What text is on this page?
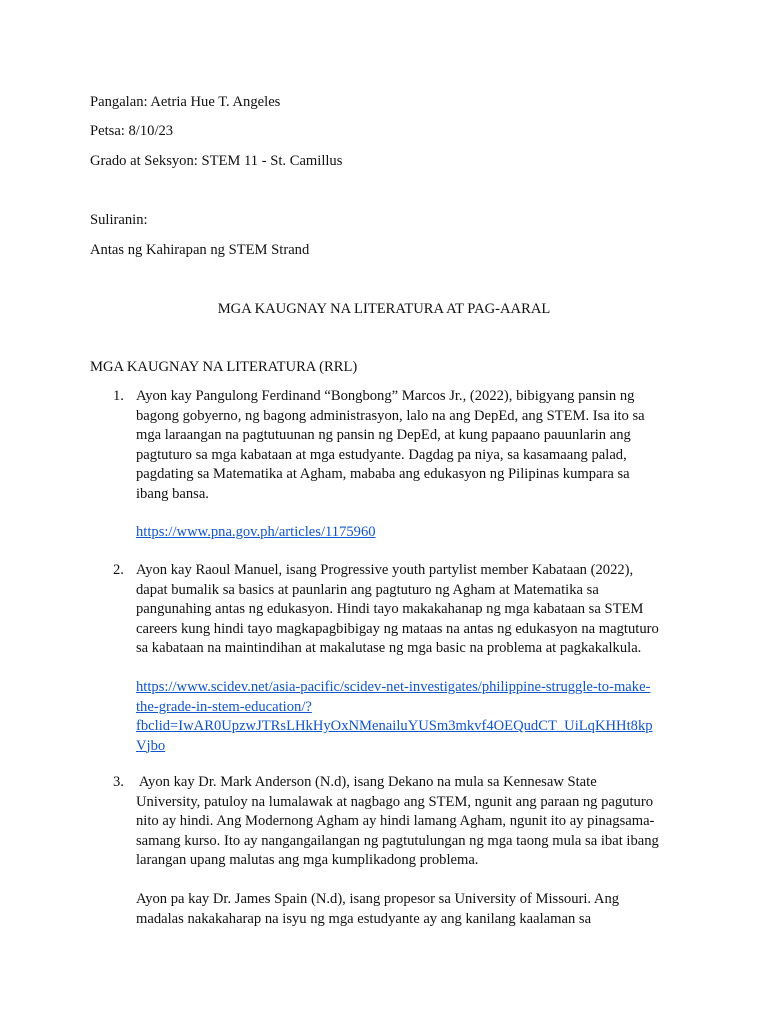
Pangalan: Aetria Hue T. Angeles
Petsa: 8/10/23
Grado at Seksyon: STEM 11 - St. Camillus
Suliranin:
Antas ng Kahirapan ng STEM Strand
MGA KAUGNAY NA LITERATURA AT PAG-AARAL
MGA KAUGNAY NA LITERATURA (RRL)
1. Ayon kay Pangulong Ferdinand “Bongbong” Marcos Jr., (2022), bibigyang pansin ng
bagong gobyerno, ng bagong administrasyon, lalo na ang DepEd, ang STEM. Isa ito sa
mga laraangan na pagtutuunan ng pansin ng DepEd, at kung papaano pauunlarin ang
pagtuturo sa mga kabataan at mga estudyante. Dagdag pa niya, sa kasamaang palad,
pagdating sa Matematika at Agham, mababa ang edukasyon ng Pilipinas kumpara sa
ibang bansa.
https://www.pna.gov.ph/articles/1175960
2. Ayon kay Raoul Manuel, isang Progressive youth partylist member Kabataan (2022),
dapat bumalik sa basics at paunlarin ang pagtuturo ng Agham at Matematika sa
pangunahing antas ng edukasyon. Hindi tayo makakahanap ng mga kabataan sa STEM
careers kung hindi tayo magkapagbibigay ng mataas na antas ng edukasyon na magtuturo
sa kabataan na maintindihan at makalutase ng mga basic na problema at pagkakalkula.
https://www.scidev.net/asia-pacific/scidev-net-investigates/philippine-struggle-to-make-
the-grade-in-stem-education/?
fbclid=IwAR0UpzwJTRsLHkHyOxNMenailuYUSm3mkvf4OEQudCT_UiLqKHHt8kp
Vjbo
3. Ayon kay Dr. Mark Anderson (N.d), isang Dekano na mula sa Kennesaw State
University, patuloy na lumalawak at nagbago ang STEM, ngunit ang paraan ng paguturo
nito ay hindi. Ang Modernong Agham ay hindi lamang Agham, ngunit ito ay pinagsama-
samang kurso. Ito ay nangangailangan ng pagtutulungan ng mga taong mula sa ibat ibang
larangan upang malutas ang mga kumplikadong problema.
Ayon pa kay Dr. James Spain (N.d), isang propesor sa University of Missouri. Ang
madalas nakakaharap na isyu ng mga estudyante ay ang kanilang kaalaman sa
